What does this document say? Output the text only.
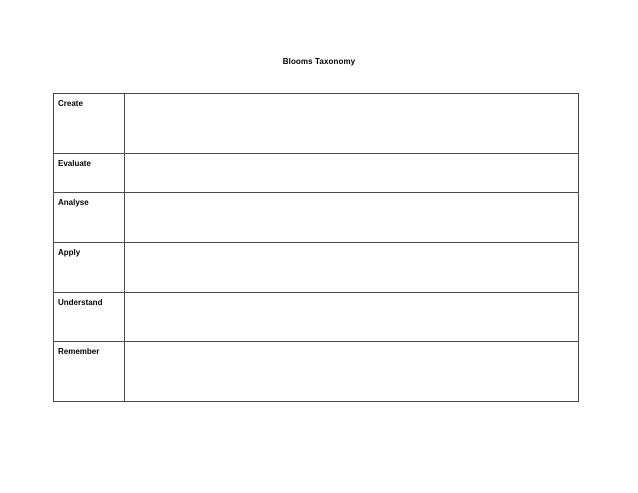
Blooms Taxonomy
Create	
Evaluate	
Analyse	
Apply	
Understand	
Remember	
